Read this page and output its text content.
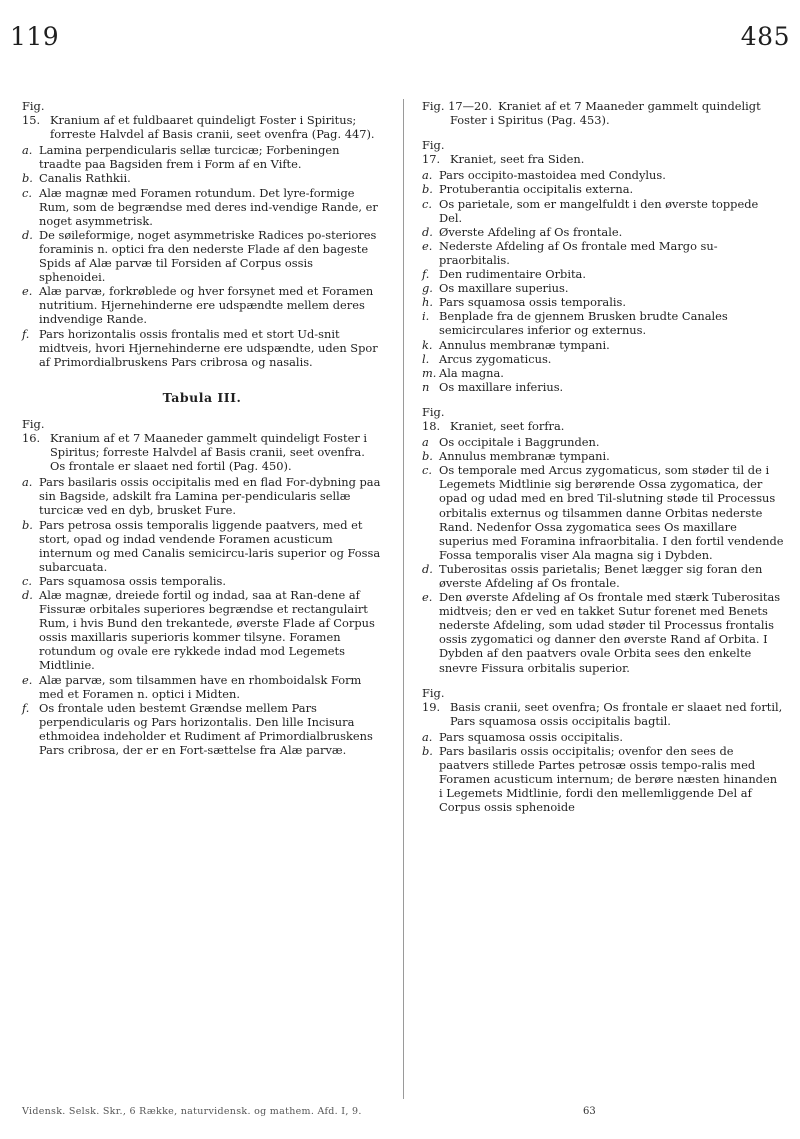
119	485
Fig. 15. Kranium af et fuldbaaret quindeligt Foster i Spiritus; forreste Halvdel af Basis cranii, seet ovenfra (Pag. 447).
a. Lamina perpendicularis sellæ turcicæ; Forbeningen traadte paa Bagsiden frem i Form af en Vifte.
b. Canalis Rathkii.
c. Alæ magnæ med Foramen rotundum. Det lyre-formige Rum, som de begrændse med deres ind-vendige Rande, er noget asymmetrisk.
d. De søileformige, noget asymmetriske Radices po-steriores foraminis n. optici fra den nederste Flade af den bageste Spids af Alæ parvæ til Forsiden af Corpus ossis sphenoidei.
e. Alæ parvæ, forkrøblede og hver forsynet med et Foramen nutritium. Hjernehinderne ere udspændte mellem deres indvendige Rande.
f. Pars horizontalis ossis frontalis med et stort Ud-snit midtveis, hvori Hjernehinderne ere udspændte, uden Spor af Primordialbruskens Pars cribrosa og nasalis.
Tabula III.
Fig. 16. Kranium af et 7 Maaneder gammelt quindeligt Foster i Spiritus; forreste Halvdel af Basis cranii, seet ovenfra. Os frontale er slaaet ned fortil (Pag. 450).
a. Pars basilaris ossis occipitalis med en flad For-dybning paa sin Bagside, adskilt fra Lamina per-pendicularis sellæ turcicæ ved en dyb, brusket Fure.
b. Pars petrosa ossis temporalis liggende paatvers, med et stort, opad og indad vendende Foramen acusticum internum og med Canalis semicircu-laris superior og Fossa subarcuata.
c. Pars squamosa ossis temporalis.
d. Alæ magnæ, dreiede fortil og indad, saa at Ran-dene af Fissuræ orbitales superiores begrændse et rectangulairt Rum, i hvis Bund den trekantede, øverste Flade af Corpus ossis maxillaris superioris kommer tilsyne. Foramen rotundum og ovale ere rykkede indad mod Legemets Midtlinie.
e. Alæ parvæ, som tilsammen have en rhomboidalsk Form med et Foramen n. optici i Midten.
f. Os frontale uden bestemt Grændse mellem Pars perpendicularis og Pars horizontalis. Den lille Incisura ethmoidea indeholder et Rudiment af Primordialbruskens Pars cribrosa, der er en Fort-sættelse fra Alæ parvæ.
Fig. 17—20. Kraniet af et 7 Maaneder gammelt quindeligt Foster i Spiritus (Pag. 453).
Fig. 17. Kraniet, seet fra Siden.
a. Pars occipito-mastoidea med Condylus.
b. Protuberantia occipitalis externa.
c. Os parietale, som er mangelfuldt i den øverste toppede Del.
d. Øverste Afdeling af Os frontale.
e. Nederste Afdeling af Os frontale med Margo su-praorbitalis.
f. Den rudimentaire Orbita.
g. Os maxillare superius.
h. Pars squamosa ossis temporalis.
i. Benplade fra de gjennem Brusken brudte Canales semicirculares inferior og externus.
k. Annulus membranæ tympani.
l. Arcus zygomaticus.
m. Ala magna.
n Os maxillare inferius.
Fig. 18. Kraniet, seet forfra.
a Os occipitale i Baggrunden.
b. Annulus membranæ tympani.
c. Os temporale med Arcus zygomaticus, som støder til de i Legemets Midtlinie sig berørende Ossa zygomatica, der opad og udad med en bred Til-slutning støde til Processus orbitalis externus og tilsammen danne Orbitas nederste Rand. Nedenfor Ossa zygomatica sees Os maxillare superius med Foramina infraorbitalia. I den fortil vendende Fossa temporalis viser Ala magna sig i Dybden.
d. Tuberositas ossis parietalis; Benet lægger sig foran den øverste Afdeling af Os frontale.
e. Den øverste Afdeling af Os frontale med stærk Tuberositas midtveis; den er ved en takket Sutur forenet med Benets nederste Afdeling, som udad støder til Processus frontalis ossis zygomatici og danner den øverste Rand af Orbita. I Dybden af den paatvers ovale Orbita sees den enkelte snevre Fissura orbitalis superior.
Fig. 19. Basis cranii, seet ovenfra; Os frontale er slaaet ned fortil, Pars squamosa ossis occipitalis bagtil.
a. Pars squamosa ossis occipitalis.
b. Pars basilaris ossis occipitalis; ovenfor den sees de paatvers stillede Partes petrosæ ossis tempo-ralis med Foramen acusticum internum; de berøre næsten hinanden i Legemets Midtlinie, fordi den mellemliggende Del af Corpus ossis sphenoide
Vidensk. Selsk. Skr., 6 Række, naturvidensk. og mathem. Afd. I, 9.	63
